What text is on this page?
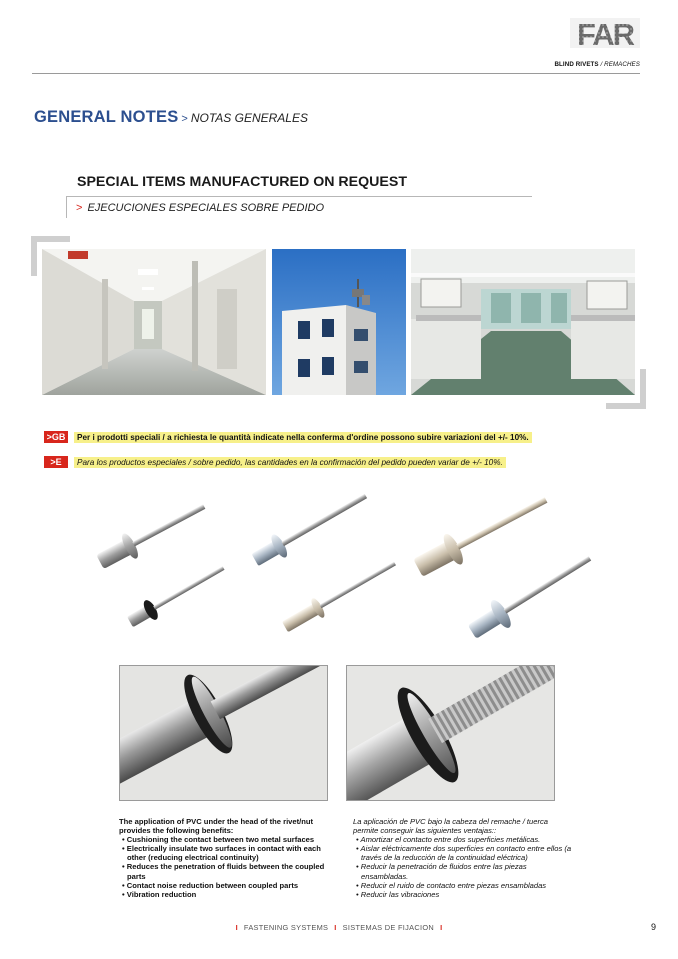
FAR
BLIND RIVETS / REMACHES
GENERAL NOTES > NOTAS GENERALES
SPECIAL ITEMS MANUFACTURED ON REQUEST
> EJECUCIONES ESPECIALES SOBRE PEDIDO
>GB	Per i prodotti speciali / a richiesta le quantità indicate nella conferma d'ordine possono subire variazioni del +/- 10%.
>E	Para los productos especiales / sobre pedido, las cantidades en la confirmación del pedido pueden variar de +/- 10%.

The application of PVC under the head of the rivet/nut provides the following benefits:

• Cushioning the contact between two metal surfaces
• Electrically insulate two surfaces in contact with each other (reducing electrical continuity)
• Reduces the penetration of fluids between the coupled parts
• Contact noise reduction between coupled parts
• Vibration reduction

La aplicación de PVC bajo la cabeza del remache / tuerca permite conseguir las siguientes ventajas::

• Amortizar el contacto entre dos superficies metálicas.
• Aislar eléctricamente dos superficies en contacto entre ellos (a través de la reducción de la continuidad eléctrica)
• Reducir la penetración de fluidos entre las piezas ensambladas.
• Reducir el ruido de contacto entre piezas ensambladas
• Reducir las vibraciones
I FASTENING SYSTEMS I SISTEMAS DE FIJACION I	9
